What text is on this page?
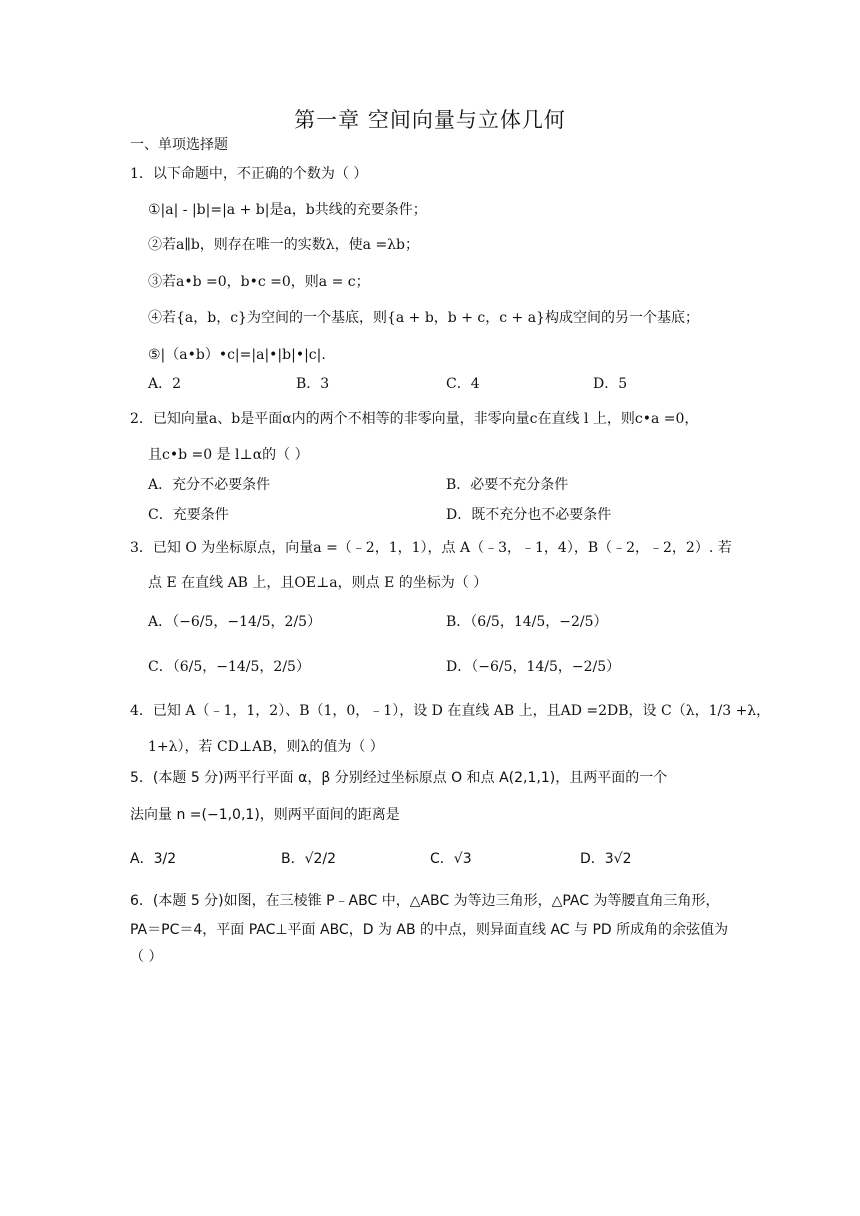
第一章 空间向量与立体几何
一、单项选择题
1．以下命题中，不正确的个数为（ ）
①|a| - |b|=|a + b|是a，b共线的充要条件；
②若a∥b，则存在唯一的实数λ，使a =λb；
③若a•b =0，b•c =0，则a = c；
④若{a，b，c}为空间的一个基底，则{a + b，b + c，c + a}构成空间的另一个基底；
⑤|（a•b）•c|=|a|•|b|•|c|.
A．2	B．3	C．4	D．5
2．已知向量a、b是平面α内的两个不相等的非零向量，非零向量c在直线 l 上，则c•a =0，
且c•b =0 是 l⊥α的（ ）
A．充分不必要条件	B．必要不充分条件
C．充要条件	D．既不充分也不必要条件
3．已知 O 为坐标原点，向量a =（﹣2，1，1），点 A（﹣3，﹣1，4），B（﹣2，﹣2，2）. 若
点 E 在直线 AB 上，且OE⊥a，则点 E 的坐标为（ ）
A．（−6/5，−14/5，2/5）	B．（6/5，14/5，−2/5）
C．（6/5，−14/5，2/5）	D．（−6/5，14/5，−2/5）
4．已知 A（﹣1，1，2）、B（1，0，﹣1），设 D 在直线 AB 上，且AD =2DB，设 C（λ，1/3 +λ，
1+λ），若 CD⊥AB，则λ的值为（ ）
5．(本题 5 分)两平行平面 α，β 分别经过坐标原点 O 和点 A(2,1,1)，且两平面的一个
法向量 n =(−1,0,1)，则两平面间的距离是
A．3/2	B．√2/2	C．√3	D．3√2
6．(本题 5 分)如图，在三棱锥 P﹣ABC 中，△ABC 为等边三角形，△PAC 为等腰直角三角形，
PA＝PC＝4，平面 PAC⊥平面 ABC，D 为 AB 的中点，则异面直线 AC 与 PD 所成角的余弦值为
（ ）
